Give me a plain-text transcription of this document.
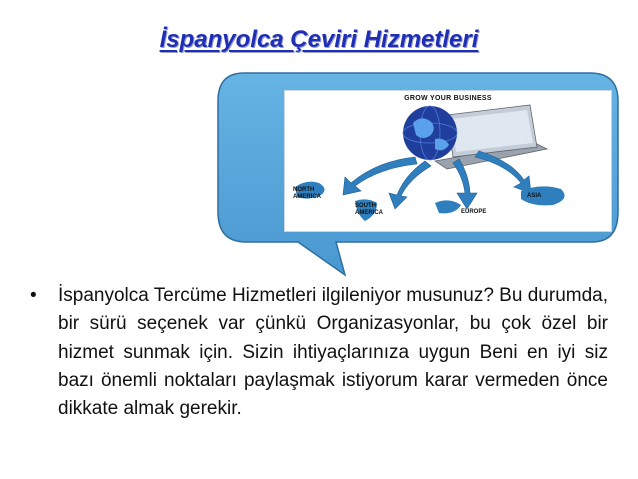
İspanyolca Çeviri Hizmetleri
GROW YOUR BUSINESS
NORTH
AMERICA
SOUTH
AMERICA	EUROPE
ASIA
• İspanyolca Tercüme Hizmetleri ilgileniyor musunuz? Bu durumda, bir sürü seçenek var çünkü Organizasyonlar, bu çok özel bir hizmet sunmak için. Sizin ihtiyaçlarınıza uygun Beni en iyi siz bazı önemli noktaları paylaşmak istiyorum karar vermeden önce dikkate almak gerekir.
